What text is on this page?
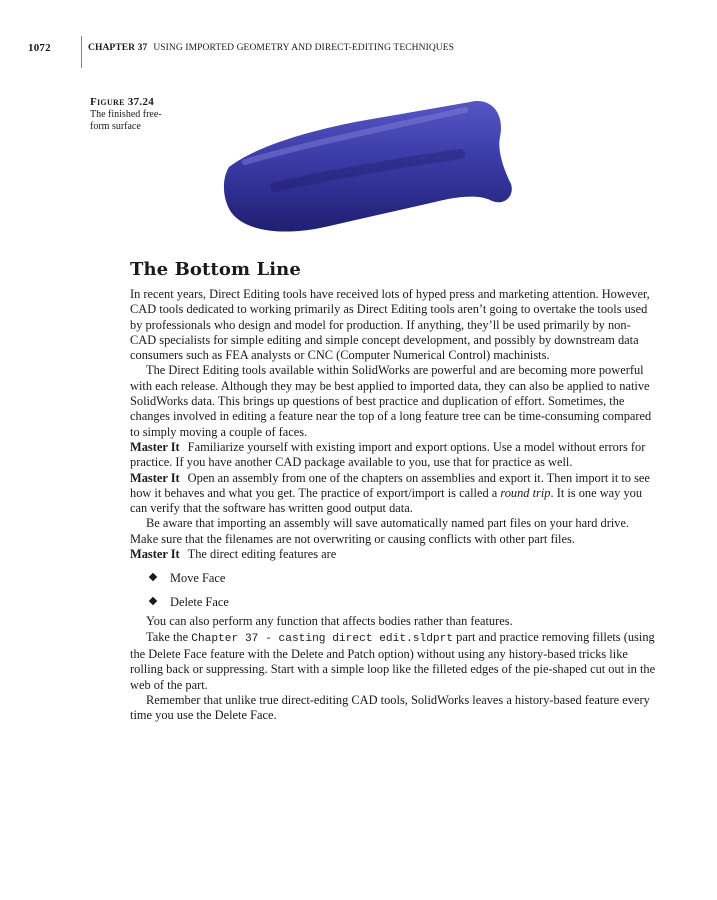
1072	CHAPTER 37 USING IMPORTED GEOMETRY AND DIRECT-EDITING TECHNIQUES
Figure 37.24
The finished free-form surface
The Bottom Line

In recent years, Direct Editing tools have received lots of hyped press and marketing attention. However, CAD tools dedicated to working primarily as Direct Editing tools aren’t going to overtake the tools used by professionals who design and model for production. If anything, they’ll be used primarily by non-CAD specialists for simple editing and simple concept development, and possibly by downstream data consumers such as FEA analysts or CNC (Computer Numerical Control) machinists.

The Direct Editing tools available within SolidWorks are powerful and are becoming more powerful with each release. Although they may be best applied to imported data, they can also be applied to native SolidWorks data. This brings up questions of best practice and duplication of effort. Sometimes, the changes involved in editing a feature near the top of a long feature tree can be time-consuming compared to simply moving a couple of faces.

Master It Familiarize yourself with existing import and export options. Use a model without errors for practice. If you have another CAD package available to you, use that for practice as well.

Master It Open an assembly from one of the chapters on assemblies and export it. Then import it to see how it behaves and what you get. The practice of export/import is called a round trip. It is one way you can verify that the software has written good output data.

Be aware that importing an assembly will save automatically named part files on your hard drive. Make sure that the filenames are not overwriting or causing conflicts with other part files.

Master It The direct editing features are

Move Face
Delete Face

You can also perform any function that affects bodies rather than features.

Take the Chapter 37 - casting direct edit.sldprt part and practice removing fillets (using the Delete Face feature with the Delete and Patch option) without using any history-based tricks like rolling back or suppressing. Start with a simple loop like the filleted edges of the pie-shaped cut out in the web of the part.

Remember that unlike true direct-editing CAD tools, SolidWorks leaves a history-based feature every time you use the Delete Face.
